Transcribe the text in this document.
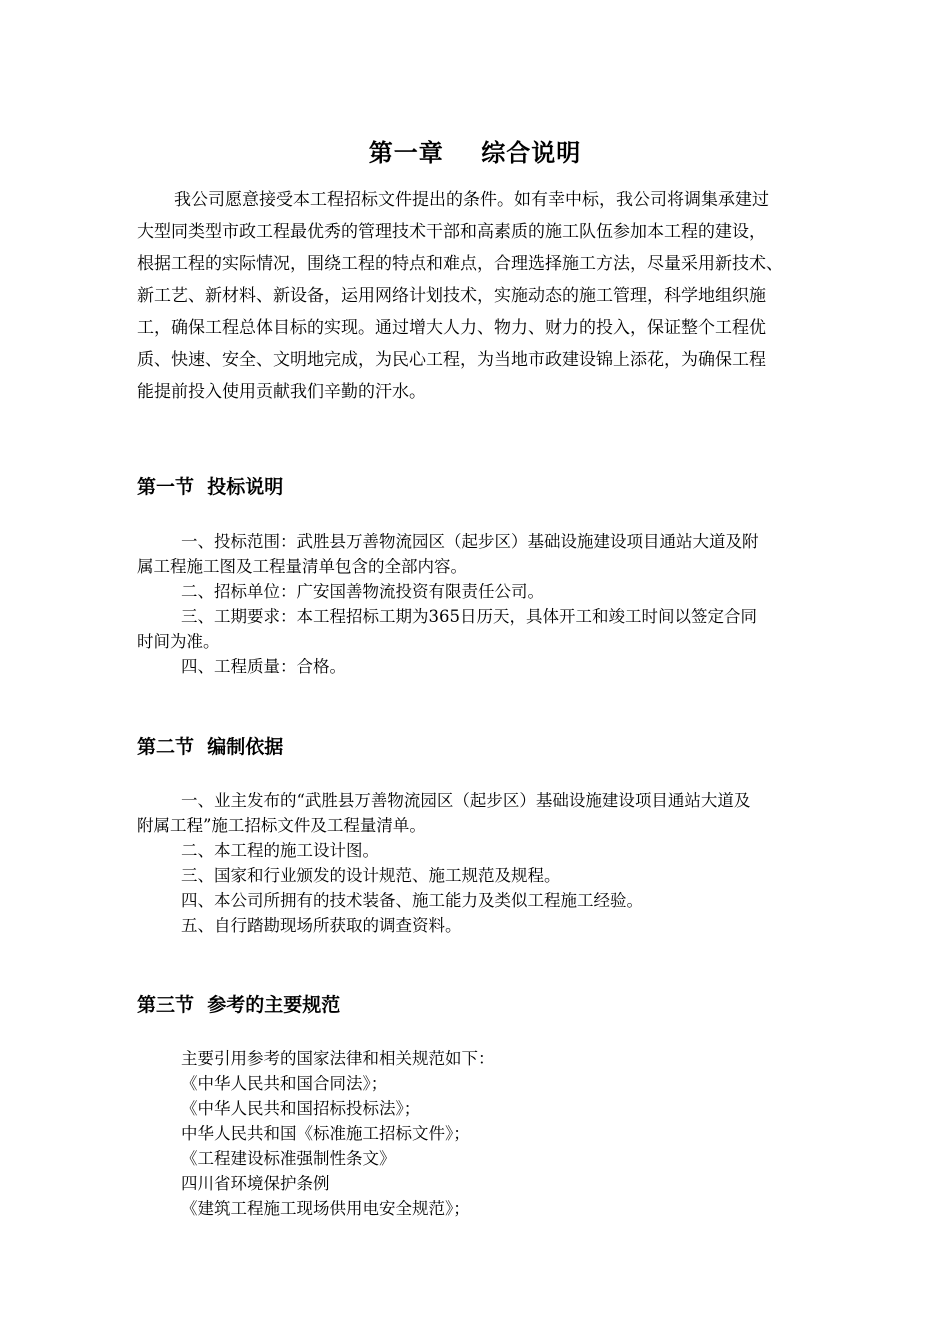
第一章    综合说明
我公司愿意接受本工程招标文件提出的条件。如有幸中标，我公司将调集承建过
大型同类型市政工程最优秀的管理技术干部和高素质的施工队伍参加本工程的建设，
根据工程的实际情况，围绕工程的特点和难点，合理选择施工方法，尽量采用新技术、
新工艺、新材料、新设备，运用网络计划技术，实施动态的施工管理，科学地组织施
工，确保工程总体目标的实现。通过增大人力、物力、财力的投入，保证整个工程优
质、快速、安全、文明地完成，为民心工程，为当地市政建设锦上添花，为确保工程
能提前投入使用贡献我们辛勤的汗水。
第一节  投标说明
一、投标范围：武胜县万善物流园区（起步区）基础设施建设项目通站大道及附
属工程施工图及工程量清单包含的全部内容。
二、招标单位：广安国善物流投资有限责任公司。
三、工期要求：本工程招标工期为365日历天，具体开工和竣工时间以签定合同
时间为准。
四、工程质量：合格。
第二节  编制依据
一、业主发布的“武胜县万善物流园区（起步区）基础设施建设项目通站大道及
附属工程”施工招标文件及工程量清单。
二、本工程的施工设计图。
三、国家和行业颁发的设计规范、施工规范及规程。
四、本公司所拥有的技术装备、施工能力及类似工程施工经验。
五、自行踏勘现场所获取的调查资料。
第三节  参考的主要规范
主要引用参考的国家法律和相关规范如下：
《中华人民共和国合同法》；
《中华人民共和国招标投标法》；
中华人民共和国《标准施工招标文件》；
《工程建设标准强制性条文》
四川省环境保护条例
《建筑工程施工现场供用电安全规范》；
